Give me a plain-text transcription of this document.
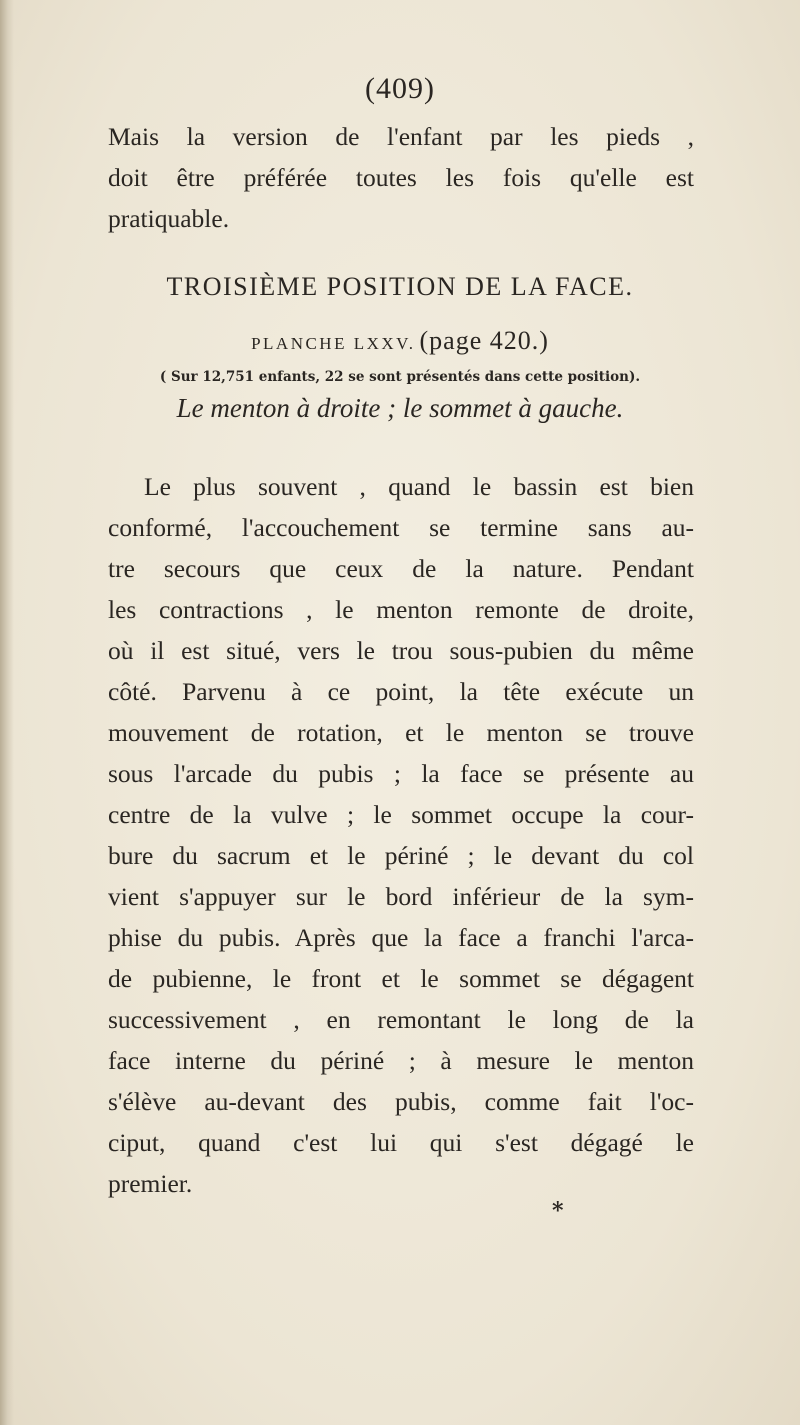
(409)
Mais la version de l'enfant par les pieds ,
doit être préférée toutes les fois qu'elle est
pratiquable.
TROISIÈME POSITION DE LA FACE.
PLANCHE LXXV. (page 420.)
( Sur 12,751 enfants, 22 se sont présentés dans cette position).
Le menton à droite ; le sommet à gauche.
Le plus souvent , quand le bassin est bien
conformé, l'accouchement se termine sans au-
tre secours que ceux de la nature. Pendant
les contractions , le menton remonte de droite,
où il est situé, vers le trou sous-pubien du même
côté. Parvenu à ce point, la tête exécute un
mouvement de rotation, et le menton se trouve
sous l'arcade du pubis ; la face se présente au
centre de la vulve ; le sommet occupe la cour-
bure du sacrum et le périné ; le devant du col
vient s'appuyer sur le bord inférieur de la sym-
phise du pubis. Après que la face a franchi l'arca-
de pubienne, le front et le sommet se dégagent
successivement , en remontant le long de la
face interne du périné ; à mesure le menton
s'élève au-devant des pubis, comme fait l'oc-
ciput, quand c'est lui qui s'est dégagé le
premier.
*
